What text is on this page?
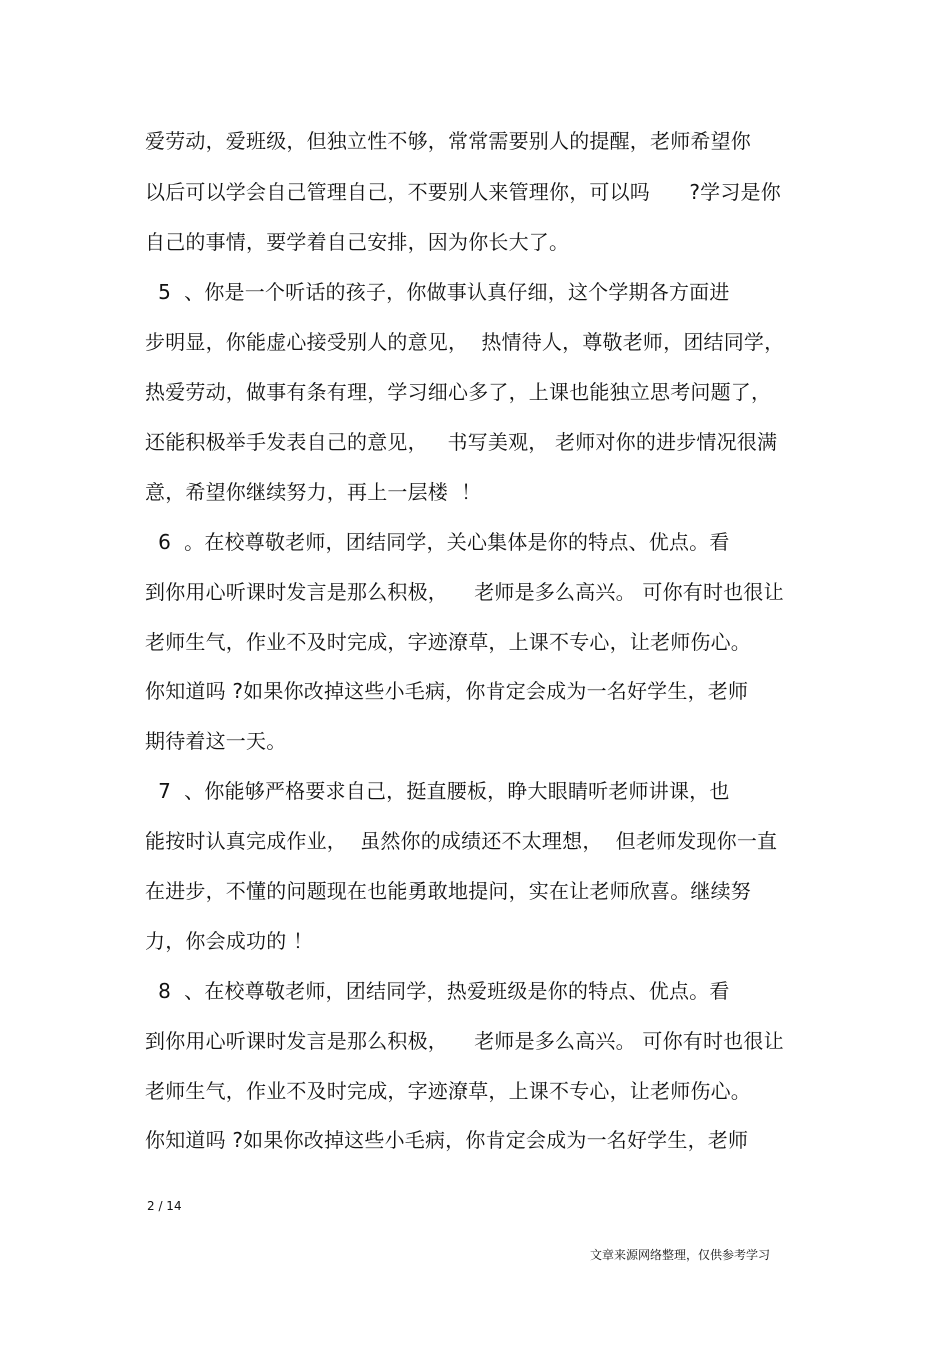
爱劳动，爱班级，但独立性不够，常常需要别人的提醒，老师希望你
以后可以学会自己管理自己，不要别人来管理你，可以吗      ?学习是你
自己的事情，要学着自己安排，因为你长大了。
5  、你是一个听话的孩子，你做事认真仔细，这个学期各方面进
步明显，你能虚心接受别人的意见，  热情待人，尊敬老师，团结同学，
热爱劳动，做事有条有理，学习细心多了，上课也能独立思考问题了，
还能积极举手发表自己的意见，   书写美观， 老师对你的进步情况很满
意，希望你继续努力，再上一层楼  ！
6  。在校尊敬老师，团结同学，关心集体是你的特点、优点。看
到你用心听课时发言是那么积极，    老师是多么高兴。 可你有时也很让
老师生气，作业不及时完成，字迹潦草，上课不专心，让老师伤心。
你知道吗 ?如果你改掉这些小毛病，你肯定会成为一名好学生，老师
期待着这一天。
7  、你能够严格要求自己，挺直腰板，睁大眼睛听老师讲课，也
能按时认真完成作业，  虽然你的成绩还不太理想，  但老师发现你一直
在进步，不懂的问题现在也能勇敢地提问，实在让老师欣喜。继续努
力，你会成功的 ！
8  、在校尊敬老师，团结同学，热爱班级是你的特点、优点。看
到你用心听课时发言是那么积极，    老师是多么高兴。 可你有时也很让
老师生气，作业不及时完成，字迹潦草，上课不专心，让老师伤心。
你知道吗 ?如果你改掉这些小毛病，你肯定会成为一名好学生，老师
2 / 14
文章来源网络整理，仅供参考学习
